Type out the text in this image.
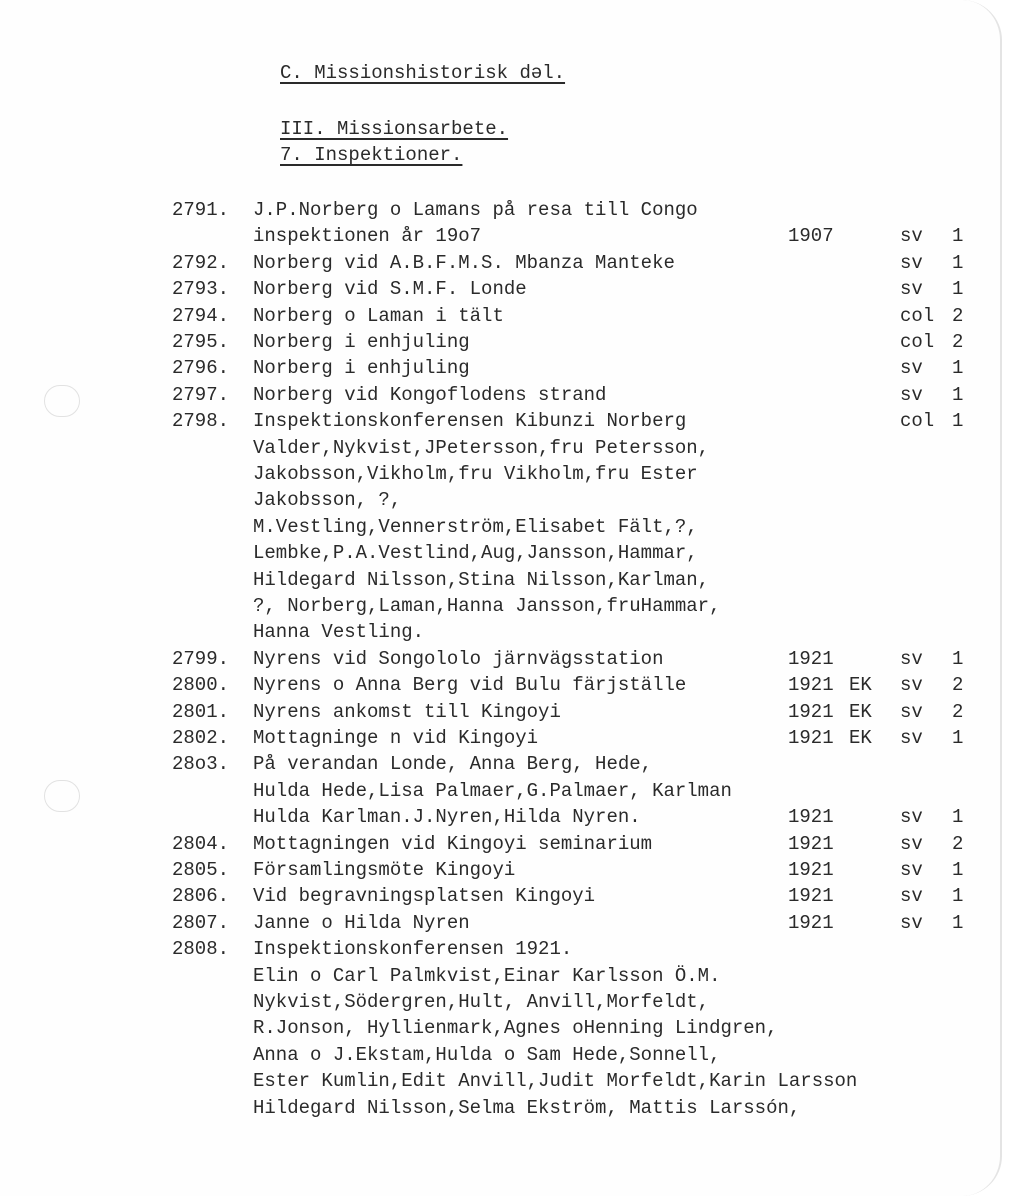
C. Missionshistorisk dəl.
III. Missionsarbete.
7. Inspektioner.
2791. J.P.Norberg o Lamans på resa till Congo
inspektionen år 19o7	1907	sv 1
2792. Norberg vid A.B.F.M.S. Mbanza Manteke	sv 1
2793. Norberg vid S.M.F. Londe	sv 1
2794. Norberg o Laman i tält	col 2
2795. Norberg i enhjuling	col 2
2796. Norberg i enhjuling	sv 1
2797. Norberg vid Kongoflodens strand	sv 1
2798. Inspektionskonferensen Kibunzi Norberg	col 1
Valder,Nykvist,JPetersson,fru Petersson,
Jakobsson,Vikholm,fru Vikholm,fru Ester
Jakobsson, ?,
M.Vestling,Vennerström,Elisabet Fält,?,
Lembke,P.A.Vestlind,Aug,Jansson,Hammar,
Hildegard Nilsson,Stina Nilsson,Karlman,
?, Norberg,Laman,Hanna Jansson,fruHammar,
Hanna Vestling.
2799. Nyrens vid Songololo järnvägsstation	1921	sv 1
2800. Nyrens o Anna Berg vid Bulu färjställe	1921 EK sv 2
2801. Nyrens ankomst till Kingoyi	1921 EK sv 2
2802. Mottagninge n vid Kingoyi	1921 EK sv 1
28o3. På verandan Londe, Anna Berg, Hede,
Hulda Hede,Lisa Palmaer,G.Palmaer, Karlman
Hulda Karlman.J.Nyren,Hilda Nyren.	1921	sv 1
2804. Mottagningen vid Kingoyi seminarium	1921	sv 2
2805. Församlingsmöte Kingoyi	1921	sv 1
2806. Vid begravningsplatsen Kingoyi	1921	sv 1
2807. Janne o Hilda Nyren	1921	sv 1
2808. Inspektionskonferensen 1921.
Elin o Carl Palmkvist,Einar Karlsson Ö.M.
Nykvist,Södergren,Hult, Anvill,Morfeldt,
R.Jonson, Hyllienmark,Agnes oHenning Lindgren,
Anna o J.Ekstam,Hulda o Sam Hede,Sonnell,
Ester Kumlin,Edit Anvill,Judit Morfeldt,Karin Larsson
Hildegard Nilsson,Selma Ekström, Mattis Larssón,
